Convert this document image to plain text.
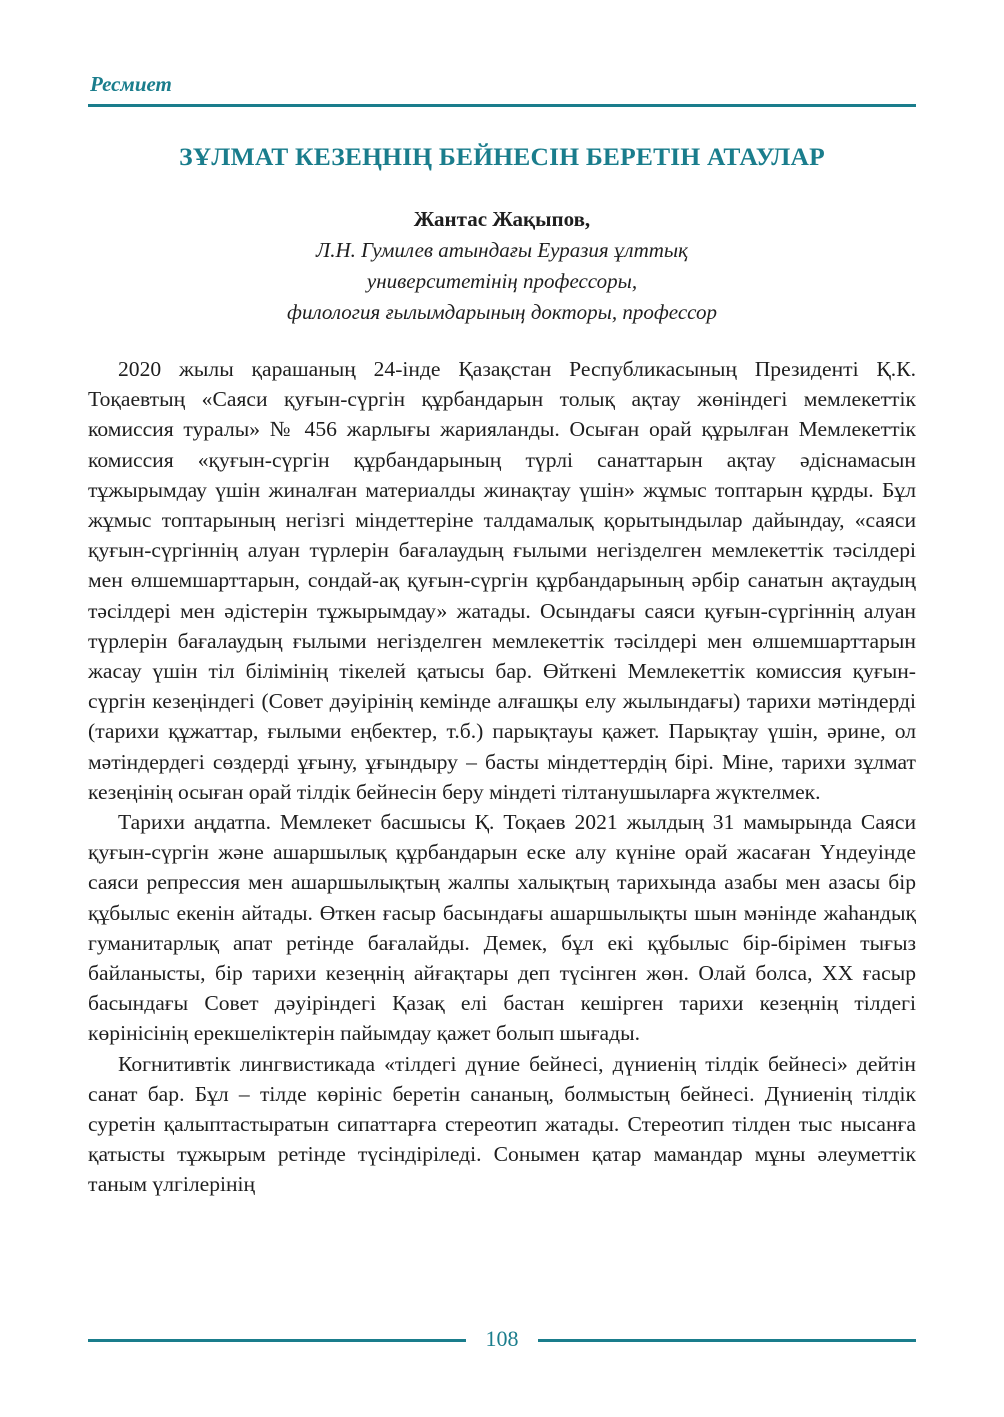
Ресмиет
ЗҰЛМАТ КЕЗЕҢНІҢ БЕЙНЕСІН БЕРЕТІН АТАУЛАР
Жантас Жақыпов,
Л.Н. Гумилев атындағы Еуразия ұлттық
университетінің профессоры,
филология ғылымдарының докторы, профессор

2020 жылы қарашаның 24-інде Қазақстан Республикасының Президенті Қ.К. Тоқаевтың «Саяси қуғын-сүргін құрбандарын толық ақтау жөніндегі мемлекеттік комиссия туралы» № 456 жарлығы жарияланды. Осыған орай құрылған Мемлекеттік комиссия «қуғын-сүргін құрбандарының түрлі санаттарын ақтау әдіснамасын тұжырымдау үшін жиналған материалды жинақтау үшін» жұмыс топтарын құрды. Бұл жұмыс топтарының негізгі міндеттеріне талдамалық қорытындылар дайындау, «саяси қуғын-сүргіннің алуан түрлерін бағалаудың ғылыми негізделген мемлекеттік тәсілдері мен өлшемшарттарын, сондай-ақ қуғын-сүргін құрбандарының әрбір санатын ақтаудың тәсілдері мен әдістерін тұжырымдау» жатады. Осындағы саяси қуғын-сүргіннің алуан түрлерін бағалаудың ғылыми негізделген мемлекеттік тәсілдері мен өлшемшарттарын жасау үшін тіл білімінің тікелей қатысы бар. Өйткені Мемлекеттік комиссия қуғын-сүргін кезеңіндегі (Совет дәуірінің кемінде алғашқы елу жылындағы) тарихи мәтіндерді (тарихи құжаттар, ғылыми еңбектер, т.б.) парықтауы қажет. Парықтау үшін, әрине, ол мәтіндердегі сөздерді ұғыну, ұғындыру – басты міндеттердің бірі. Міне, тарихи зұлмат кезеңінің осыған орай тілдік бейнесін беру міндеті тілтанушыларға жүктелмек.

Тарихи аңдатпа. Мемлекет басшысы Қ. Тоқаев 2021 жылдың 31 мамырында Саяси қуғын-сүргін және ашаршылық құрбандарын еске алу күніне орай жасаған Үндеуінде саяси репрессия мен ашаршылықтың жалпы халықтың тарихында азабы мен азасы бір құбылыс екенін айтады. Өткен ғасыр басындағы ашаршылықты шын мәнінде жаһандық гуманитарлық апат ретінде бағалайды. Демек, бұл екі құбылыс бір-бірімен тығыз байланысты, бір тарихи кезеңнің айғақтары деп түсінген жөн. Олай болса, XX ғасыр басындағы Совет дәуіріндегі Қазақ елі бастан кешірген тарихи кезеңнің тілдегі көрінісінің ерекшеліктерін пайымдау қажет болып шығады.

Когнитивтік лингвистикада «тілдегі дүние бейнесі, дүниенің тілдік бейнесі» дейтін санат бар. Бұл – тілде көрініс беретін сананың, болмыстың бейнесі. Дүниенің тілдік суретін қалыптастыратын сипаттарға стереотип жатады. Стереотип тілден тыс нысанға қатысты тұжырым ретінде түсіндіріледі. Сонымен қатар мамандар мұны әлеуметтік таным үлгілерінің

108
